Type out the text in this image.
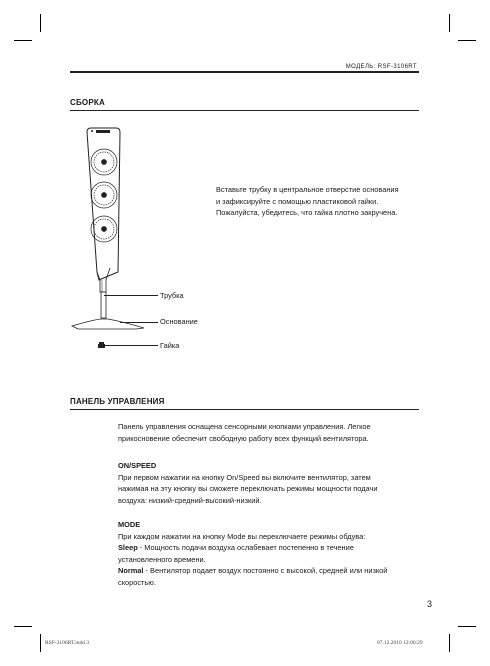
МОДЕЛЬ: RSF-3106RT
СБОРКА
Трубка
Основание
Гайка
Вставьте трубку в центральное отверстие основания
и зафиксируйте с помощью пластиковой гайки.
Пожалуйста, убедитесь, что гайка плотно закручена.
ПАНЕЛЬ УПРАВЛЕНИЯ
Панель управления оснащена сенсорными кнопками управления. Легкое
прикосновение обеспечит свободную работу всех функций вентилятора.
ON/SPEED
При первом нажатии на кнопку On/Speed вы включите вентилятор, затем
нажимая на эту кнопку вы сможете переключать режимы мощности подачи
воздуха: низкий-средний-высокий-низкий.
MODE
При каждом нажатии на кнопку Mode вы переключаете режимы обдува:
Sleep - Мощность подачи воздуха ослабевает постепенно в течение
установленного времени.
Normal - Вентилятор подает воздух постоянно с высокой, средней или низкой
скоростью.
3
RSF-3106RT.indd 3	07.12.2010 12:00:29
